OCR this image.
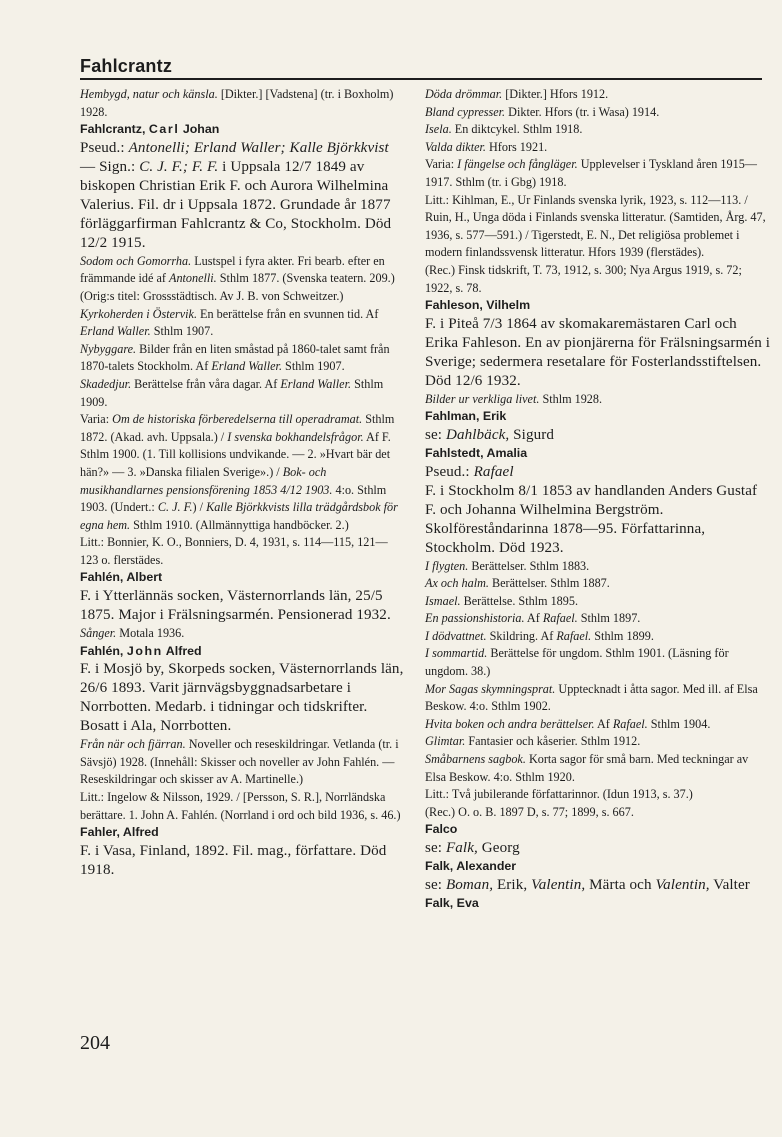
Fahlcrantz

Hembygd, natur och känsla. [Dikter.] [Vadstena] (tr. i Boxholm) 1928.

Fahlcrantz, Carl Johan

Pseud.: Antonelli; Erland Waller; Kalle Björkkvist — Sign.: C. J. F.; F. F. i Uppsala 12/7 1849 av biskopen Christian Erik F. och Aurora Wilhelmina Valerius. Fil. dr i Uppsala 1872. Grundade år 1877 förläggarfirman Fahlcrantz & Co, Stockholm. Död 12/2 1915.

Sodom och Gomorrha. Lustspel i fyra akter. Fri bearb. efter en främmande idé af Antonelli. Sthlm 1877. (Svenska teatern. 209.) (Orig:s titel: Grossstädtisch. Av J. B. von Schweitzer.)

Kyrkoherden i Östervik. En berättelse från en svunnen tid. Af Erland Waller. Sthlm 1907.

Nybyggare. Bilder från en liten småstad på 1860-talet samt från 1870-talets Stockholm. Af Erland Waller. Sthlm 1907.

Skadedjur. Berättelse från våra dagar. Af Erland Waller. Sthlm 1909.

Varia: Om de historiska förberedelserna till operadramat. Sthlm 1872. (Akad. avh. Uppsala.) / I svenska bokhandelsfrågor. Af F. Sthlm 1900. (1. Till kollisions undvikande. — 2. »Hvart bär det hän?» — 3. »Danska filialen Sverige».) / Bok- och musikhandlarnes pensionsförening 1853 4/12 1903. 4:o. Sthlm 1903. (Undert.: C. J. F.) / Kalle Björkkvists lilla trädgårdsbok för egna hem. Sthlm 1910. (Allmännyttiga handböcker. 2.)

Litt.: Bonnier, K. O., Bonniers, D. 4, 1931, s. 114—115, 121—123 o. flerstädes.

Fahlén, Albert

F. i Ytterlännäs socken, Västernorrlands län, 25/5 1875. Major i Frälsningsarmén. Pensionerad 1932.

Sånger. Motala 1936.

Fahlén, John Alfred

F. i Mosjö by, Skorpeds socken, Västernorrlands län, 26/6 1893. Varit järnvägsbyggnadsarbetare i Norrbotten. Medarb. i tidningar och tidskrifter. Bosatt i Ala, Norrbotten.

Från när och fjärran. Noveller och reseskildringar. Vetlanda (tr. i Sävsjö) 1928. (Innehåll: Skisser och noveller av John Fahlén. — Reseskildringar och skisser av A. Martinelle.)

Litt.: Ingelow & Nilsson, 1929. / [Persson, S. R.], Norrländska berättare. 1. John A. Fahlén. (Norrland i ord och bild 1936, s. 46.)

Fahler, Alfred

F. i Vasa, Finland, 1892. Fil. mag., författare. Död 1918.

Döda drömmar. [Dikter.] Hfors 1912.

Bland cypresser. Dikter. Hfors (tr. i Wasa) 1914.

Isela. En diktcykel. Sthlm 1918.

Valda dikter. Hfors 1921.

Varia: I fängelse och fångläger. Upplevelser i Tyskland åren 1915—1917. Sthlm (tr. i Gbg) 1918.

Litt.: Kihlman, E., Ur Finlands svenska lyrik, 1923, s. 112—113. / Ruin, H., Unga döda i Finlands svenska litteratur. (Samtiden, Årg. 47, 1936, s. 577—591.) / Tigerstedt, E. N., Det religiösa problemet i modern finlandssvensk litteratur. Hfors 1939 (flerstädes).

(Rec.) Finsk tidskrift, T. 73, 1912, s. 300; Nya Argus 1919, s. 72; 1922, s. 78.

Fahleson, Vilhelm

F. i Piteå 7/3 1864 av skomakaremästaren Carl och Erika Fahleson. En av pionjärerna för Frälsningsarmén i Sverige; sedermera resetalare för Fosterlandsstiftelsen. Död 12/6 1932.

Bilder ur verkliga livet. Sthlm 1928.

Fahlman, Erik

se: Dahlbäck, Sigurd

Fahlstedt, Amalia

Pseud.: Rafael

F. i Stockholm 8/1 1853 av handlanden Anders Gustaf F. och Johanna Wilhelmina Bergström. Skolföreståndarinna 1878—95. Författarinna, Stockholm. Död 1923.

I flygten. Berättelser. Sthlm 1883.

Ax och halm. Berättelser. Sthlm 1887.

Ismael. Berättelse. Sthlm 1895.

En passionshistoria. Af Rafael. Sthlm 1897.

I dödvattnet. Skildring. Af Rafael. Sthlm 1899.

I sommartid. Berättelse för ungdom. Sthlm 1901. (Läsning för ungdom. 38.)

Mor Sagas skymningsprat. Upptecknadt i åtta sagor. Med ill. af Elsa Beskow. 4:o. Sthlm 1902.

Hvita boken och andra berättelser. Af Rafael. Sthlm 1904.

Glimtar. Fantasier och kåserier. Sthlm 1912.

Småbarnens sagbok. Korta sagor för små barn. Med teckningar av Elsa Beskow. 4:o. Sthlm 1920.

Litt.: Två jubilerande författarinnor. (Idun 1913, s. 37.)

(Rec.) O. o. B. 1897 D, s. 77; 1899, s. 667.

Falco

se: Falk, Georg

Falk, Alexander

se: Boman, Erik, Valentin, Märta och Valentin, Valter

Falk, Eva

204
